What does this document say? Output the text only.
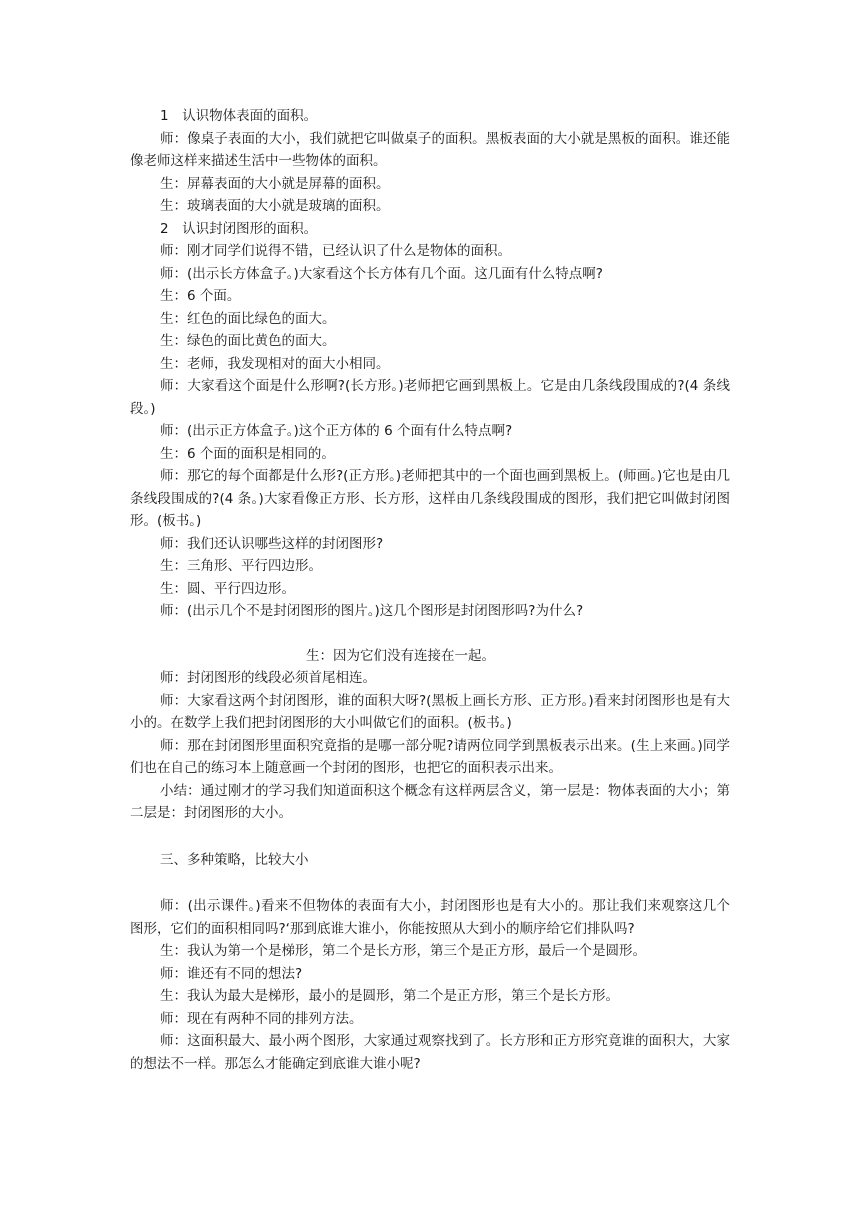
1　认识物体表面的面积。

师：像桌子表面的大小，我们就把它叫做桌子的面积。黑板表面的大小就是黑板的面积。谁还能像老师这样来描述生活中一些物体的面积。

生：屏幕表面的大小就是屏幕的面积。

生：玻璃表面的大小就是玻璃的面积。

2　认识封闭图形的面积。

师：刚才同学们说得不错，已经认识了什么是物体的面积。

师：(出示长方体盒子。)大家看这个长方体有几个面。这几面有什么特点啊?

生：6 个面。

生：红色的面比绿色的面大。

生：绿色的面比黄色的面大。

生：老师，我发现相对的面大小相同。

师：大家看这个面是什么形啊?(长方形。)老师把它画到黑板上。它是由几条线段围成的?(4 条线段。)

师：(出示正方体盒子。)这个正方体的 6 个面有什么特点啊?

生：6 个面的面积是相同的。

师：那它的每个面都是什么形?(正方形。)老师把其中的一个面也画到黑板上。(师画。)它也是由几条线段围成的?(4 条。)大家看像正方形、长方形，这样由几条线段围成的图形，我们把它叫做封闭图形。(板书。)

师：我们还认识哪些这样的封闭图形?

生：三角形、平行四边形。

生：圆、平行四边形。

师：(出示几个不是封闭图形的图片。)这几个图形是封闭图形吗?为什么?

生：因为它们没有连接在一起。

师：封闭图形的线段必须首尾相连。

师：大家看这两个封闭图形，谁的面积大呀?(黑板上画长方形、正方形。)看来封闭图形也是有大小的。在数学上我们把封闭图形的大小叫做它们的面积。(板书。)

师：那在封闭图形里面积究竟指的是哪一部分呢?请两位同学到黑板表示出来。(生上来画。)同学们也在自己的练习本上随意画一个封闭的图形，也把它的面积表示出来。

小结：通过刚才的学习我们知道面积这个概念有这样两层含义，第一层是：物体表面的大小；第二层是：封闭图形的大小。

三、多种策略，比较大小

师：(出示课件。)看来不但物体的表面有大小，封闭图形也是有大小的。那让我们来观察这几个图形，它们的面积相同吗?‘那到底谁大谁小，你能按照从大到小的顺序给它们排队吗?

生：我认为第一个是梯形，第二个是长方形，第三个是正方形，最后一个是圆形。

师：谁还有不同的想法?

生：我认为最大是梯形，最小的是圆形，第二个是正方形，第三个是长方形。

师：现在有两种不同的排列方法。

师：这面积最大、最小两个图形，大家通过观察找到了。长方形和正方形究竟谁的面积大，大家的想法不一样。那怎么才能确定到底谁大谁小呢?
